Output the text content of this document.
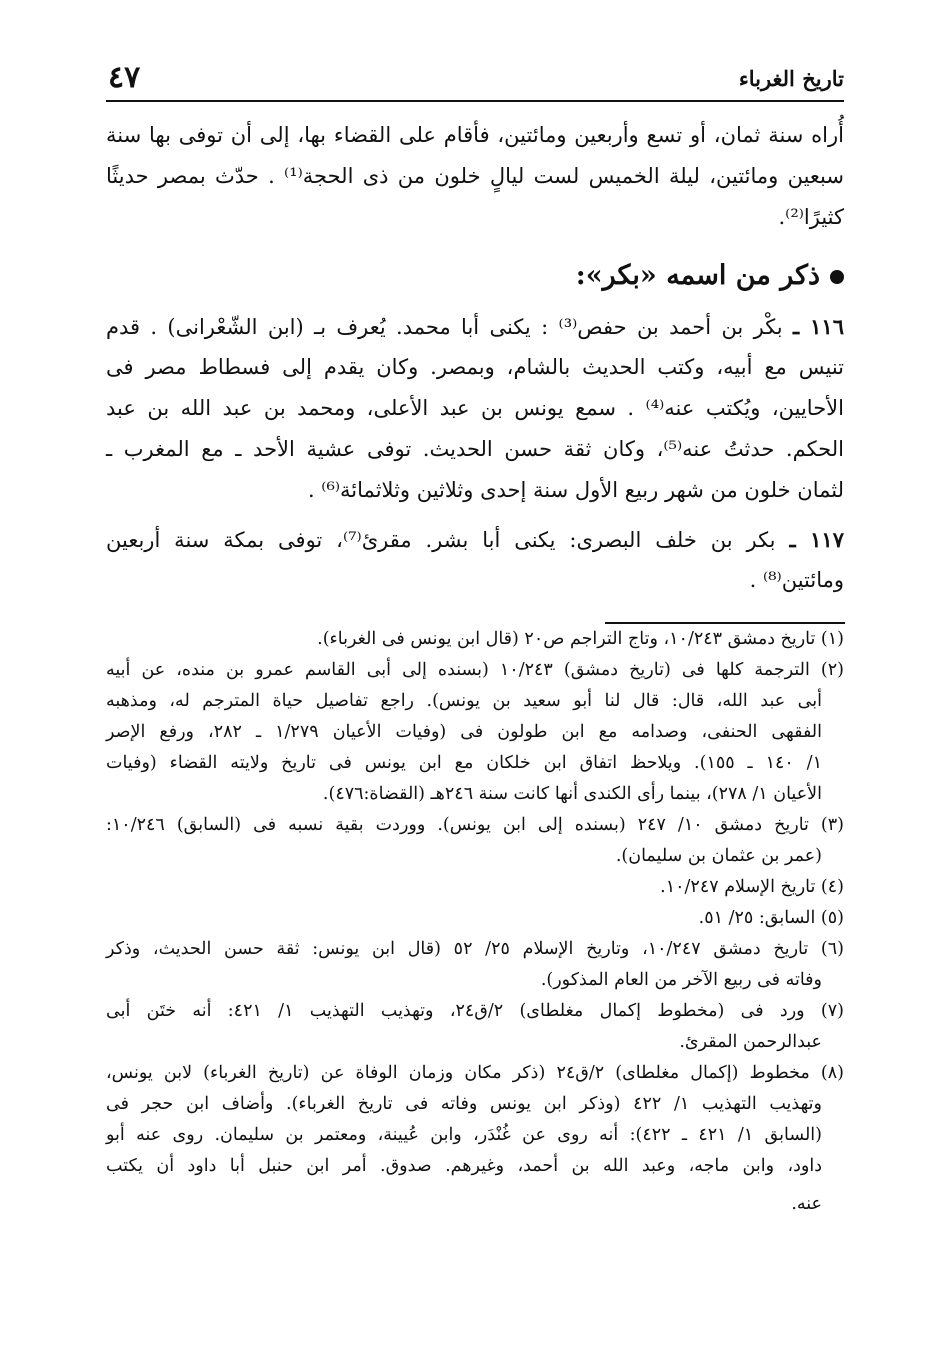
تاريخ الغرباء
٤٧
أُراه سنة ثمان، أو تسع وأربعين ومائتين، فأقام على القضاء بها، إلى أن توفى بها سنة
سبعين ومائتين، ليلة الخميس لست ليالٍ خلون من ذى الحجة⁽¹⁾ . حدّث بمصر حديثًا
كثيرًا⁽²⁾.
ذكر من اسمه «بكر»:
١١٦ ـ بكْر بن أحمد بن حفص⁽³⁾ : يكنى أبا محمد. يُعرف بـ (ابن الشّعْرانى) . قدم
تنيس مع أبيه، وكتب الحديث بالشام، وبمصر. وكان يقدم إلى فسطاط مصر فى
الأحايين، ويُكتب عنه⁽⁴⁾ . سمع يونس بن عبد الأعلى، ومحمد بن عبد الله بن عبد
الحكم. حدثتُ عنه⁽⁵⁾، وكان ثقة حسن الحديث. توفى عشية الأحد ـ مع المغرب ـ
لثمان خلون من شهر ربيع الأول سنة إحدى وثلاثين وثلاثمائة⁽⁶⁾ .
١١٧ ـ بكر بن خلف البصرى: يكنى أبا بشر. مقرئ⁽⁷⁾، توفى بمكة سنة أربعين
ومائتين⁽⁸⁾ .
(١) تاريخ دمشق ١٠/٢٤٣، وتاج التراجم ص٢٠ (قال ابن يونس فى الغرباء).
(٢) الترجمة كلها فى (تاريخ دمشق) ١٠/٢٤٣ (بسنده إلى أبى القاسم عمرو بن منده، عن أبيه
أبى عبد الله، قال: قال لنا أبو سعيد بن يونس). راجع تفاصيل حياة المترجم له، ومذهبه
الفقهى الحنفى، وصدامه مع ابن طولون فى (وفيات الأعيان ١/٢٧٩ ـ ٢٨٢، ورفع الإصر
١/ ١٤٠ ـ ١٥٥). ويلاحظ اتفاق ابن خلكان مع ابن يونس فى تاريخ ولايته القضاء (وفيات
الأعيان ١/ ٢٧٨)، بينما رأى الكندى أنها كانت سنة ٢٤٦هـ (القضاة:٤٧٦).
(٣) تاريخ دمشق ١٠/ ٢٤٧ (بسنده إلى ابن يونس). ووردت بقية نسبه فى (السابق) ١٠/٢٤٦:
(عمر بن عثمان بن سليمان).
(٤) تاريخ الإسلام ١٠/٢٤٧.
(٥) السابق: ٢٥/ ٥١.
(٦) تاريخ دمشق ١٠/٢٤٧، وتاريخ الإسلام ٢٥/ ٥٢ (قال ابن يونس: ثقة حسن الحديث، وذكر
وفاته فى ربيع الآخر من العام المذكور).
(٧) ورد فى (مخطوط إكمال مغلطاى) ٢/ق٢٤، وتهذيب التهذيب ١/ ٤٢١: أنه ختَن أبى
عبدالرحمن المقرئ.
(٨) مخطوط (إكمال مغلطاى) ٢/ق٢٤ (ذكر مكان وزمان الوفاة عن (تاريخ الغرباء) لابن يونس،
وتهذيب التهذيب ١/ ٤٢٢ (وذكر ابن يونس وفاته فى تاريخ الغرباء). وأضاف ابن حجر فى
(السابق ١/ ٤٢١ ـ ٤٢٢): أنه روى عن غُنْدَر، وابن عُيينة، ومعتمر بن سليمان. روى عنه أبو
داود، وابن ماجه، وعبد الله بن أحمد، وغيرهم. صدوق. أمر ابن حنبل أبا داود أن يكتب
عنه.
